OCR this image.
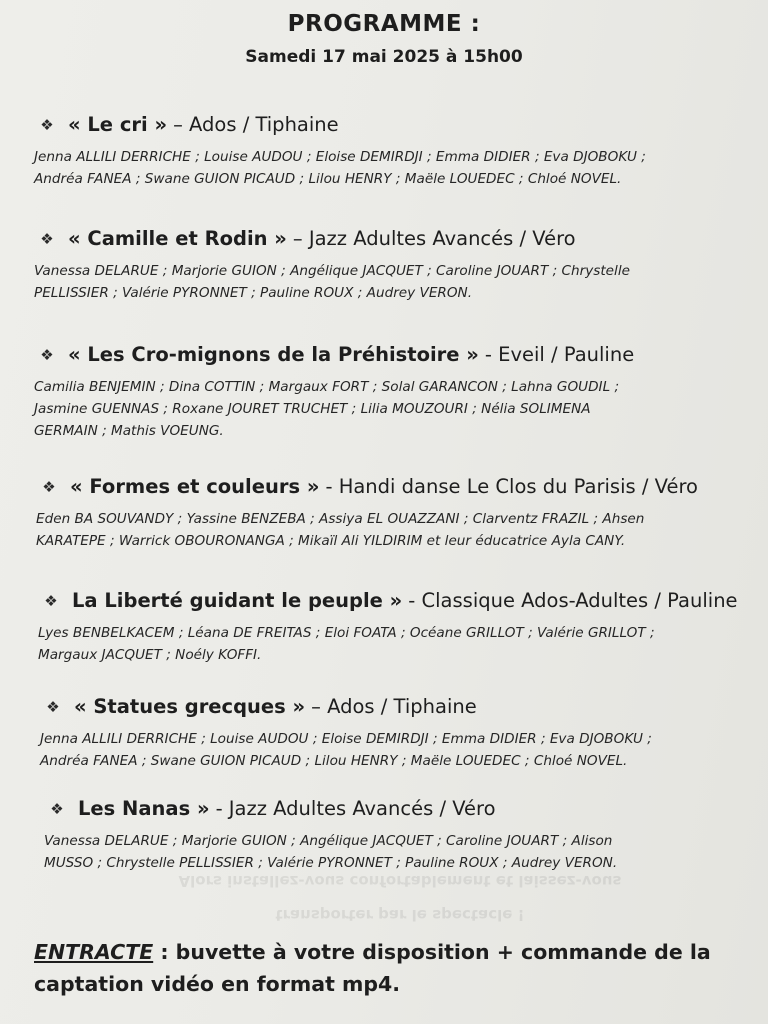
PROGRAMME :
Samedi 17 mai 2025 à 15h00
❖ « Le cri » – Ados / Tiphaine
Jenna ALLILI DERRICHE ; Louise AUDOU ; Eloise DEMIRDJI ; Emma DIDIER ; Eva DJOBOKU ;
Andréa FANEA ; Swane GUION PICAUD ; Lilou HENRY ; Maële LOUEDEC ; Chloé NOVEL.
❖ « Camille et Rodin » – Jazz Adultes Avancés / Véro
Vanessa DELARUE ; Marjorie GUION ; Angélique JACQUET ; Caroline JOUART ; Chrystelle
PELLISSIER ; Valérie PYRONNET ; Pauline ROUX ; Audrey VERON.
❖ « Les Cro-mignons de la Préhistoire » - Eveil / Pauline
Camilia BENJEMIN ; Dina COTTIN ; Margaux FORT ; Solal GARANCON ; Lahna GOUDIL ;
Jasmine GUENNAS ; Roxane JOURET TRUCHET ; Lilia MOUZOURI ; Nélia SOLIMENA
GERMAIN ; Mathis VOEUNG.
❖ « Formes et couleurs » - Handi danse Le Clos du Parisis / Véro
Eden BA SOUVANDY ; Yassine BENZEBA ; Assiya EL OUAZZANI ; Clarventz FRAZIL ; Ahsen
KARATEPE ; Warrick OBOURONANGA ; Mikaïl Ali YILDIRIM et leur éducatrice Ayla CANY.
❖ La Liberté guidant le peuple » - Classique Ados-Adultes / Pauline
Lyes BENBELKACEM ; Léana DE FREITAS ; Eloi FOATA ; Océane GRILLOT ; Valérie GRILLOT ;
Margaux JACQUET ; Noély KOFFI.
❖ « Statues grecques » – Ados / Tiphaine
Jenna ALLILI DERRICHE ; Louise AUDOU ; Eloise DEMIRDJI ; Emma DIDIER ; Eva DJOBOKU ;
Andréa FANEA ; Swane GUION PICAUD ; Lilou HENRY ; Maële LOUEDEC ; Chloé NOVEL.
❖ Les Nanas » - Jazz Adultes Avancés / Véro
Vanessa DELARUE ; Marjorie GUION ; Angélique JACQUET ; Caroline JOUART ; Alison
MUSSO ; Chrystelle PELLISSIER ; Valérie PYRONNET ; Pauline ROUX ; Audrey VERON.
Alors installez-vous confortablement et laissez-vous
transporter par le spectacle !
ENTRACTE : buvette à votre disposition + commande de la
captation vidéo en format mp4.
